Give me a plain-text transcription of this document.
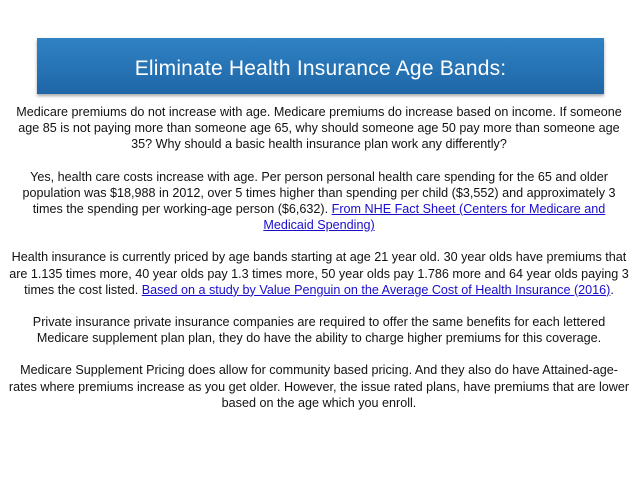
Eliminate Health Insurance Age Bands:

Medicare premiums do not increase with age. Medicare premiums do increase based on income. If someone age 85 is not paying more than someone age 65, why should someone age 50 pay more than someone age 35? Why should a basic health insurance plan work any differently?

Yes, health care costs increase with age. Per person personal health care spending for the 65 and older population was $18,988 in 2012, over 5 times higher than spending per child ($3,552) and approximately 3 times the spending per working-age person ($6,632). From NHE Fact Sheet (Centers for Medicare and Medicaid Spending)

Health insurance is currently priced by age bands starting at age 21 year old. 30 year olds have premiums that are 1.135 times more, 40 year olds pay 1.3 times more, 50 year olds pay 1.786 more and 64 year olds paying 3 times the cost listed. Based on a study by Value Penguin on the Average Cost of Health Insurance (2016).

Private insurance private insurance companies are required to offer the same benefits for each lettered Medicare supplement plan plan, they do have the ability to charge higher premiums for this coverage.

Medicare Supplement Pricing does allow for community based pricing. And they also do have Attained-age-rates where premiums increase as you get older. However, the issue rated plans, have premiums that are lower based on the age which you enroll.
